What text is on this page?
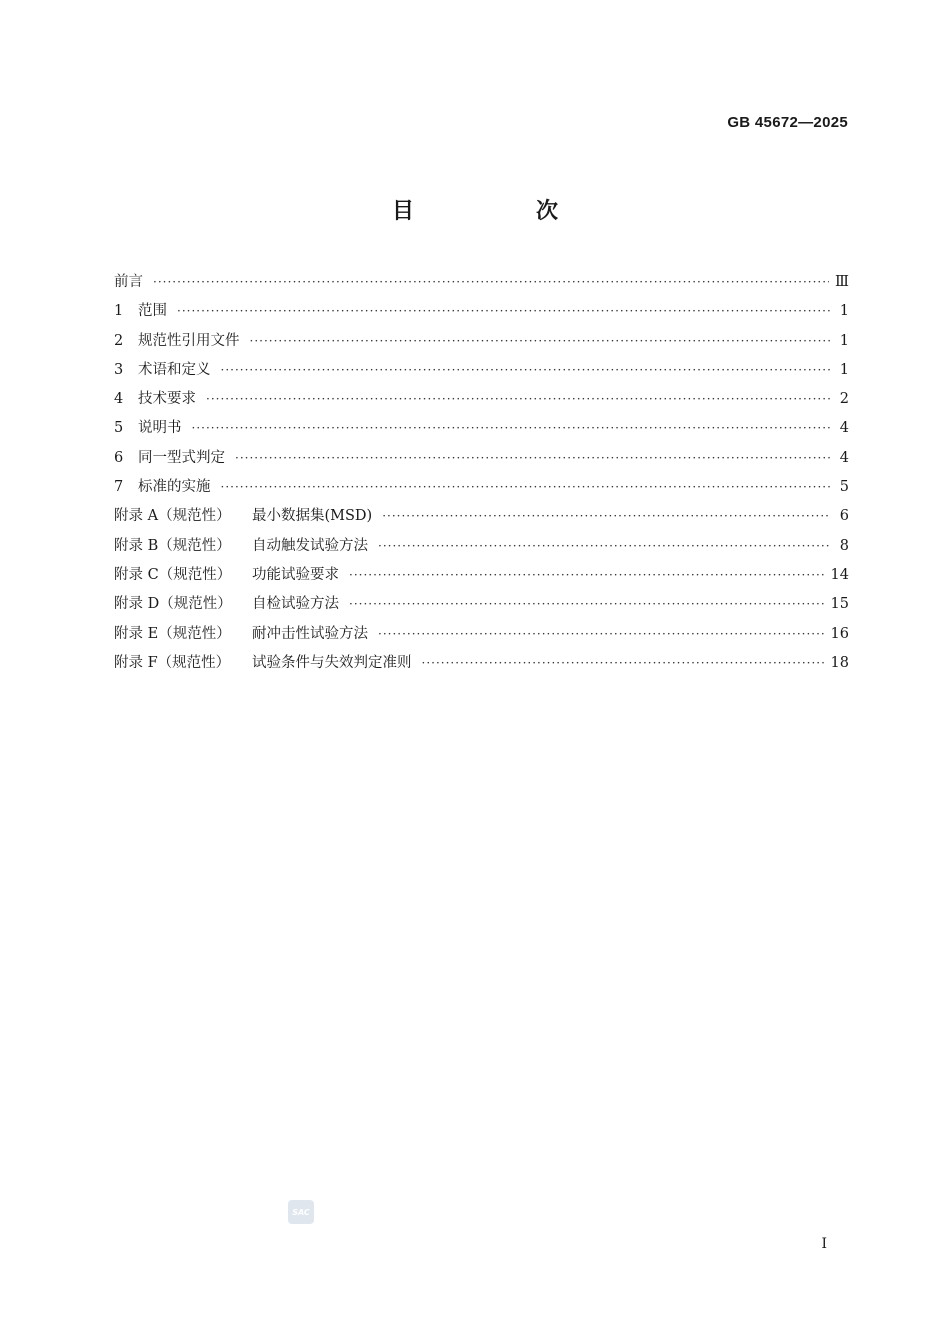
GB 45672—2025
目　次
前言 ·····	Ⅲ
1 范围 ·····	1
2 规范性引用文件 ·····	1
3 术语和定义 ·····	1
4 技术要求 ·····	2
5 说明书 ·····	4
6 同一型式判定 ·····	4
7 标准的实施 ·····	5
附录 A（规范性） 最小数据集(MSD) ·····	6
附录 B（规范性） 自动触发试验方法 ·····	8
附录 C（规范性） 功能试验要求 ·····	14
附录 D（规范性） 自检试验方法 ·····	15
附录 E（规范性） 耐冲击性试验方法 ·····	16
附录 F（规范性） 试验条件与失效判定准则 ·····	18
SAC
Ⅰ
